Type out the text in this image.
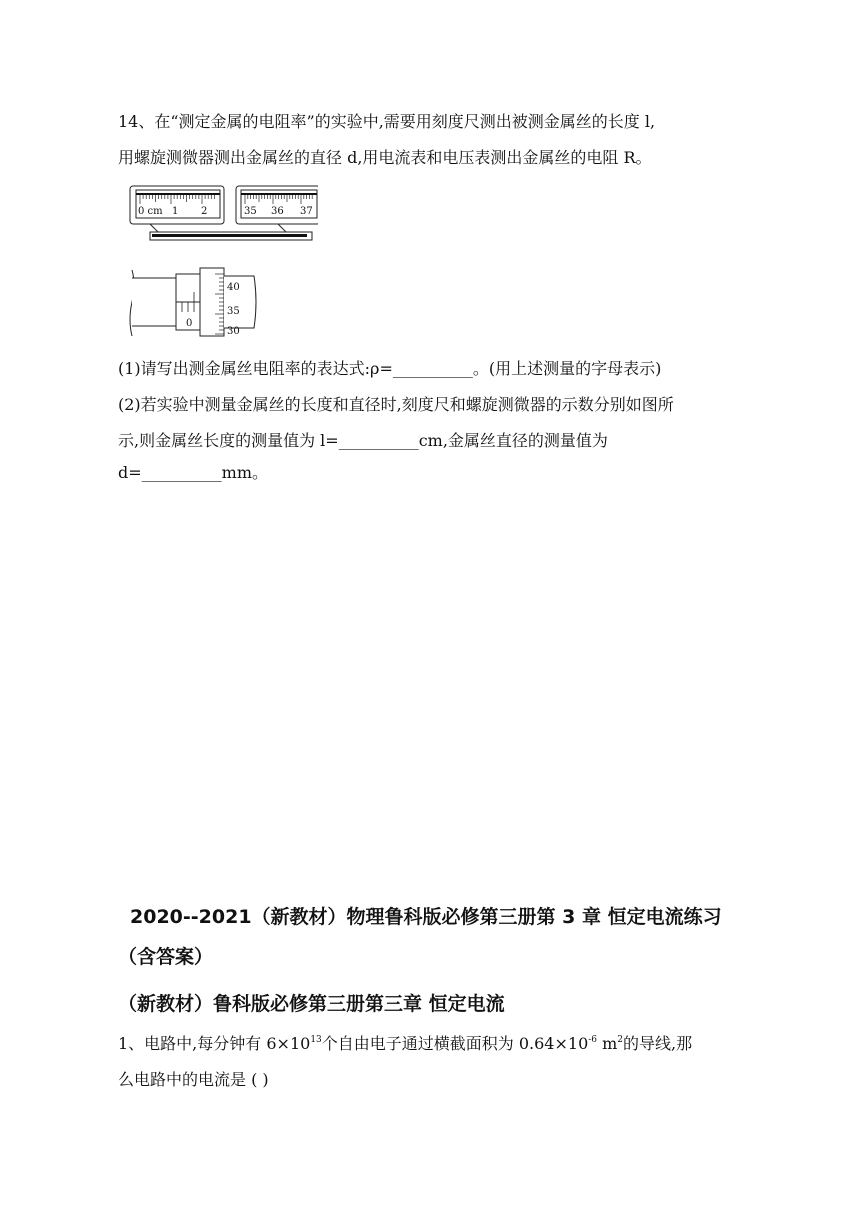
14、在“测定金属的电阻率”的实验中,需要用刻度尺测出被测金属丝的长度 l,
用螺旋测微器测出金属丝的直径 d,用电流表和电压表测出金属丝的电阻 R。
0 cm 1 2	35 36 37
40
35
30
0
(1)请写出测金属丝电阻率的表达式:ρ=__________。(用上述测量的字母表示)
(2)若实验中测量金属丝的长度和直径时,刻度尺和螺旋测微器的示数分别如图所
示,则金属丝长度的测量值为 l=__________cm,金属丝直径的测量值为
d=__________mm。
2020--2021（新教材）物理鲁科版必修第三册第 3 章 恒定电流练习
（含答案）
（新教材）鲁科版必修第三册第三章 恒定电流
1、电路中,每分钟有 $6\times 10^{13}$个自由电子通过横截面积为 $0.64\times 10^{-6}$ $m^2$的导线,那
么电路中的电流是 ( )
